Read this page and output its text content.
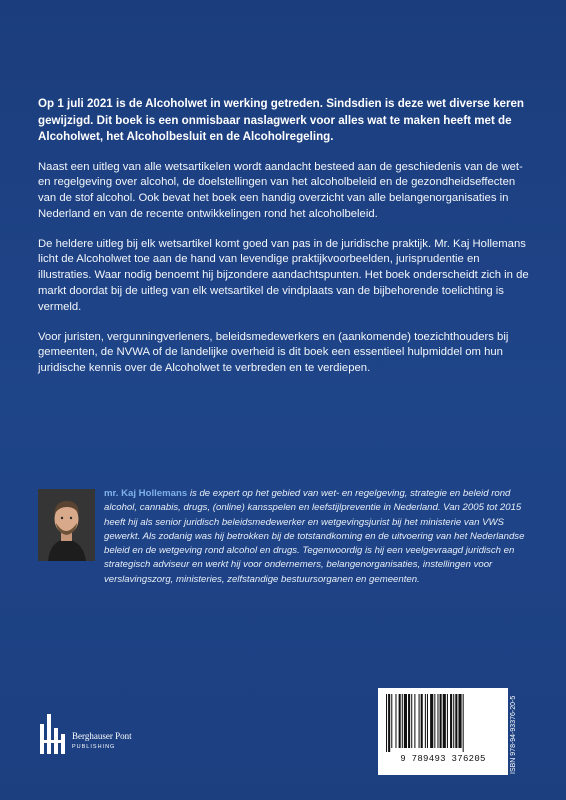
Op 1 juli 2021 is de Alcoholwet in werking getreden. Sindsdien is deze wet diverse keren gewijzigd. Dit boek is een onmisbaar naslagwerk voor alles wat te maken heeft met de Alcoholwet, het Alcoholbesluit en de Alcoholregeling.

Naast een uitleg van alle wetsartikelen wordt aandacht besteed aan de geschiedenis van de wet- en regelgeving over alcohol, de doelstellingen van het alcoholbeleid en de gezondheidseffecten van de stof alcohol. Ook bevat het boek een handig overzicht van alle belangenorganisaties in Nederland en van de recente ontwikkelingen rond het alcoholbeleid.

De heldere uitleg bij elk wetsartikel komt goed van pas in de juridische praktijk. Mr. Kaj Hollemans licht de Alcoholwet toe aan de hand van levendige praktijkvoorbeelden, jurisprudentie en illustraties. Waar nodig benoemt hij bijzondere aandachtspunten. Het boek onderscheidt zich in de markt doordat bij de uitleg van elk wetsartikel de vindplaats van de bijbehorende toelichting is vermeld.

Voor juristen, vergunningverleners, beleidsmedewerkers en (aankomende) toezichthouders bij gemeenten, de NVWA of de landelijke overheid is dit boek een essentieel hulpmiddel om hun juridische kennis over de Alcoholwet te verbreden en te verdiepen.

mr. Kaj Hollemans is de expert op het gebied van wet- en regelgeving, strategie en beleid rond alcohol, cannabis, drugs, (online) kansspelen en leefstijlpreventie in Nederland. Van 2005 tot 2015 heeft hij als senior juridisch beleidsmedewerker en wetgevingsjurist bij het ministerie van VWS gewerkt. Als zodanig was hij betrokken bij de totstandkoming en de uitvoering van het Nederlandse beleid en de wetgeving rond alcohol en drugs. Tegenwoordig is hij een veelgevraagd juridisch en strategisch adviseur en werkt hij voor ondernemers, belangenorganisaties, instellingen voor verslavingszorg, ministeries, zelfstandige bestuursorganen en gemeenten.
Berghauser Pont
PUBLISHING
9 789493 376205	ISBN 978-94-93376-20-5
